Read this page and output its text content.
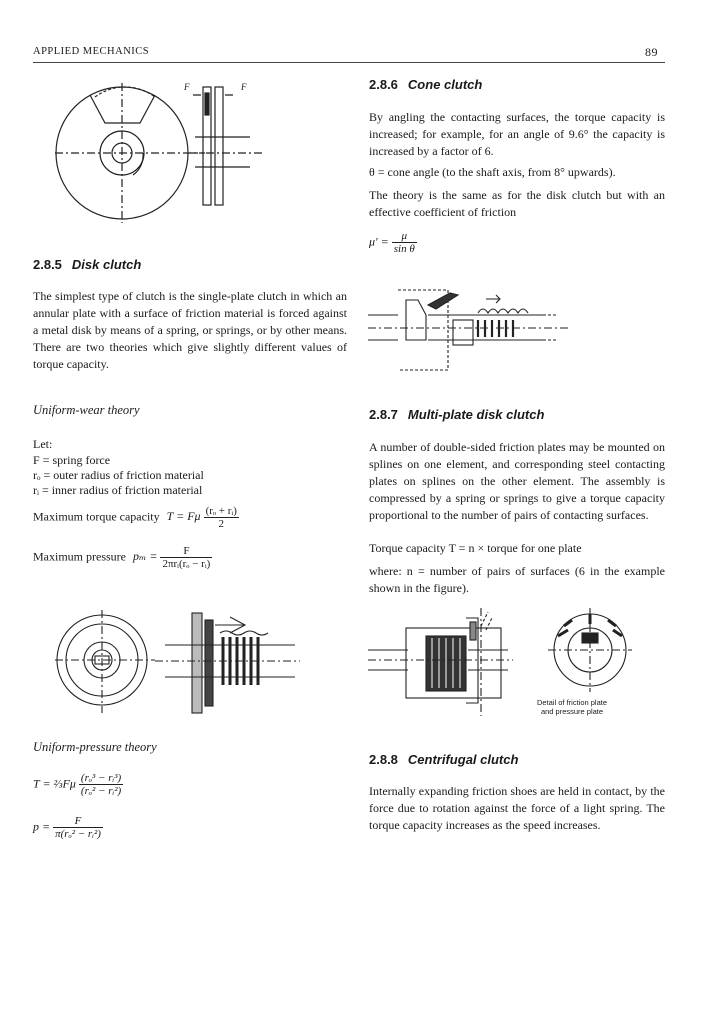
APPLIED MECHANICS	89
F	F
2.8.5 Disk clutch
The simplest type of clutch is the single-plate clutch in which an annular plate with a surface of friction material is forced against a metal disk by means of a spring, or springs, or by other means. There are two theories which give slightly different values of torque capacity.
Uniform-wear theory
Let:
F = spring force
rₒ = outer radius of friction material
rᵢ = inner radius of friction material
Maximum torque capacity T = Fμ $\frac{\text{(rₒ + rᵢ)}}{2}$
Maximum pressure $p_m = \frac{F}{\text{2πrᵢ(rₒ − rᵢ)}}$
Uniform-pressure theory
T = ⅔Fμ $\frac{\text{(rₒ³ − rᵢ³)}}{\text{(rₒ² − rᵢ²)}}$
$p = \frac{F}{\text{π(rₒ² − rᵢ²)}}$
2.8.6 Cone clutch
By angling the contacting surfaces, the torque capacity is increased; for example, for an angle of 9.6° the capacity is increased by a factor of 6.
θ = cone angle (to the shaft axis, from 8° upwards).
The theory is the same as for the disk clutch but with an effective coefficient of friction
$\mu' = \frac{\mu}{\text{sin θ}}$
2.8.7 Multi-plate disk clutch
A number of double-sided friction plates may be mounted on splines on one element, and corresponding steel contacting plates on splines on the other element. The assembly is compressed by a spring or springs to give a torque capacity proportional to the number of pairs of contacting surfaces.
Torque capacity T = n × torque for one plate
where: n = number of pairs of surfaces (6 in the example shown in the figure).
Detail of friction plate
and pressure plate
2.8.8 Centrifugal clutch
Internally expanding friction shoes are held in contact, by the force due to rotation against the force of a light spring. The torque capacity increases as the speed increases.
